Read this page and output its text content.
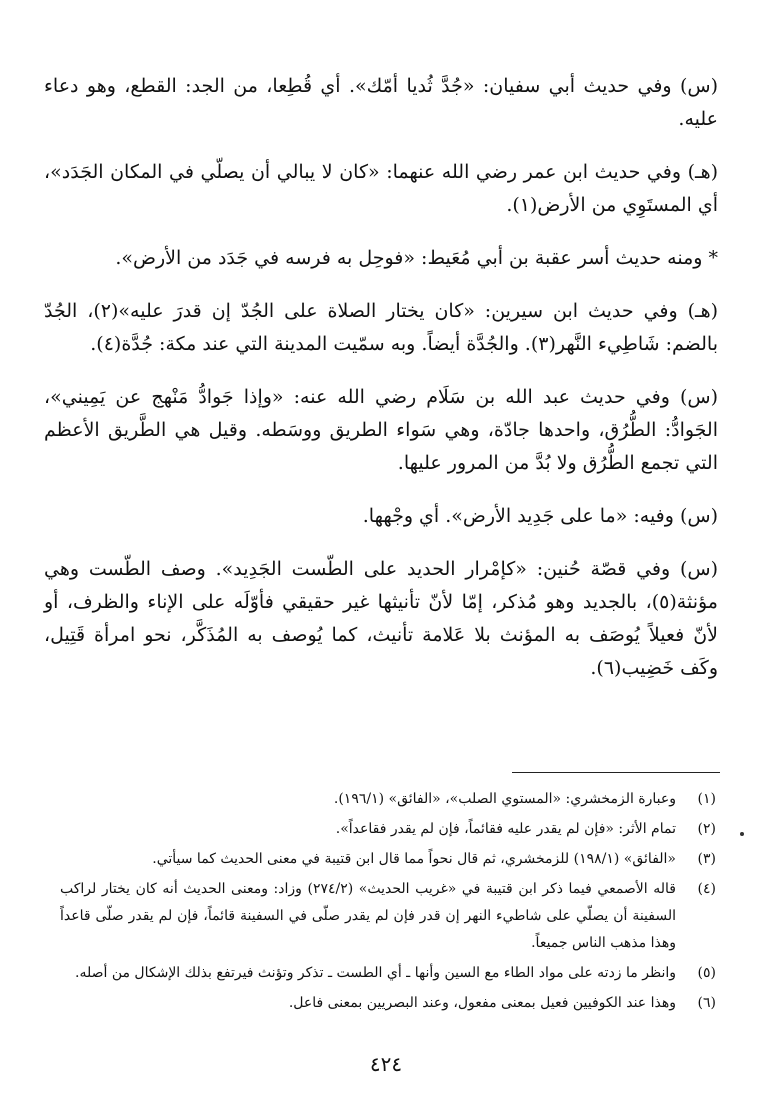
(س) وفي حديث أبي سفيان: «جُدَّ ثُديا أمّك». أي قُطِعا، من الجد: القطع، وهو دعاء عليه.

(هـ) وفي حديث ابن عمر رضي الله عنهما: «كان لا يبالي أن يصلّي في المكان الجَدَد»، أي المستَوِي من الأرض(١).

* ومنه حديث أسر عقبة بن أبي مُعَيط: «فوحِل به فرسه في جَدَد من الأرض».

(هـ) وفي حديث ابن سيرين: «كان يختار الصلاة على الجُدّ إن قدرَ عليه»(٢)، الجُدّ بالضم: شَاطِيء النَّهر(٣). والجُدَّة أيضاً. وبه سمّيت المدينة التي عند مكة: جُدَّة(٤).

(س) وفي حديث عبد الله بن سَلَام رضي الله عنه: «وإذا جَوادُّ مَنْهج عن يَمِيني»، الجَوادُّ: الطُّرُق، واحدها جادّة، وهي سَواء الطريق ووسَطه. وقيل هي الطَّريق الأعظم التي تجمع الطُّرُق ولا بُدَّ من المرور عليها.

(س) وفيه: «ما على جَدِيد الأرض». أي وجْهها.

(س) وفي قصّة حُنين: «كإمْرار الحديد على الطّست الجَدِيد». وصف الطّست وهي مؤنثة(٥)، بالجديد وهو مُذكر، إمّا لأنّ تأنيثها غير حقيقي فأوّلَه على الإناء والظرف، أو لأنّ فعيلاً يُوصَف به المؤنث بلا عَلامة تأنيث، كما يُوصف به المُذَكَّر، نحو امرأة قَتِيل، وكَف خَضِيب(٦).

(١)
وعبارة الزمخشري: «المستوي الصلب»، «الفائق» (١٩٦/١).
(٢)
تمام الأثر: «فإن لم يقدر عليه فقائماً، فإن لم يقدر فقاعداً».
(٣)
«الفائق» (١٩٨/١) للزمخشري، ثم قال نحواً مما قال ابن قتيبة في معنى الحديث كما سيأتي.
(٤)
قاله الأصمعي فيما ذكر ابن قتيبة في «غريب الحديث» (٢٧٤/٢) وزاد: ومعنى الحديث أنه كان يختار لراكب السفينة أن يصلّي على شاطيء النهر إن قدر فإن لم يقدر صلّى في السفينة قائماً، فإن لم يقدر صلّى قاعداً وهذا مذهب الناس جميعاً.
(٥)
وانظر ما زدته على مواد الطاء مع السين وأنها ـ أي الطست ـ تذكر وتؤنث فيرتفع بذلك الإشكال من أصله.
(٦)
وهذا عند الكوفيين فعيل بمعنى مفعول، وعند البصريين بمعنى فاعل.
٤٢٤
